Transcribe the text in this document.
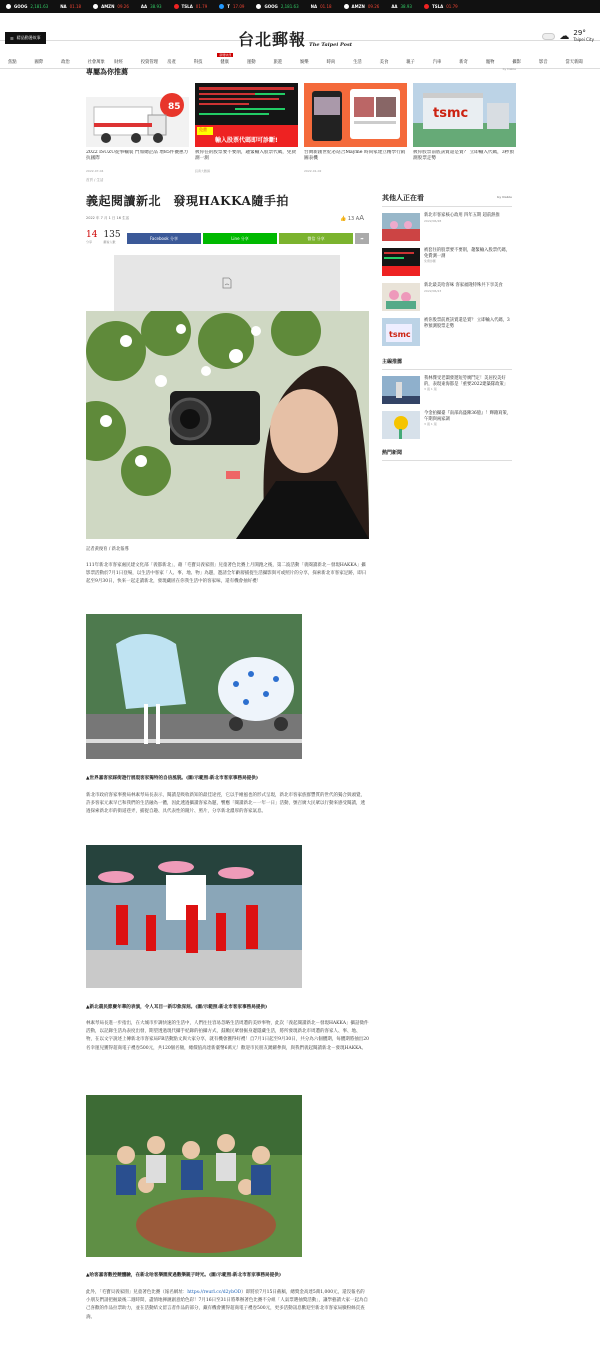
GOOG 2,181.63	NA 01.18	AMZN 09.26	AA 38.93	TSLA 01.79	T 17.09	GOOG 2,181.63	NA 01.18	AMZN 09.26	AA 38.93	TSLA 01.79
☰ 精品動漫故事	台北郵報 The Taipei Post
☁ 29°
Taipei City
焦點	國際	政治	社會萬象	財經	投資管理	房產	科技
新聞快訊
健康	運動	旅遊	娛樂	時尚	生活	美食	親子	汽車	新奇	寵物	攝影	影音	當天新聞
專屬為你推薦	by Dable
85
2022 ISUZU從事輸裝 門加總企品 增85件優惠力抗國際
2022-07-04
免費
輸入股票代碼即可診斷!
被你任的股票要不要削，趨緊輸入股票代碼，免費測一測
投資大數據
台灣新創世紀必站合Mayme 時尚家建立精學行銷圖表機
2022-01-02
tsmc
被你股票前底該賣還是賣？ 立即輸入代碼，3秒預測股票走勢
首頁 / 生活
義起閱讀新北　發現HAKKA隨手拍
2022 年 7 月 1 日 16 生活	👍 13 AA
14
分享
135
觀看人數
Facebook 分享	Line 分享	微信 分享	➦
記者黃俊育 / 新北報導
111年新北市客家處民建文化部「義都新北」，藉「毛寶貝義家園」兒童著色比賽上月開跑之後，第二波活動「義閱讀新北－發現HAKKA」攝影票活動於7月1日登場，以生活中客家「人、事、地、物」為題，邀請全年齡層捕捉生活攝影與可或照片的分享，探索新北市客家足跡，即日起至9月30日，快來一起走讀新北，發現藏匿在你我生活中的客家味，還有機會抽好禮！
▲世界嘉客家踩街遊行展現客家獨特的自信風貌。(圖/示範照:新北市客家事務局提供)
新北市政府客家事務局林素琴局長表示，閱讀是吸收新知的最佳途徑，它以手繪風也的形式呈現，新北市客家族群豐質的世代的獨合與頭覺，許多客家元素早已和我們的生活融為一體，因此透過攝讀客家為題，響應「閱讀新北－一年一日」活動，號召廣大民眾以行動來感受閱讀，透過探索新北市的街道巷弄，捕捉自趣、具代表性的鏡片、照片，分享新北濃厚的客家氣息。
▲新北義民節慶年華的表演，令人耳目一新印象深刻。(圖/示範照:新北市客家事務局提供)
林素琴局長進一步指出，在大城市步調快速的生活中，人們往往容易忽略生活周遭的美妙事物，此次「義起閱讀新北－發現HAKKA」攝話徵件活動，以記錄生活為表度出發，期望透過現代攝手紀錄的拍攝方式，鼓勵民眾發掘身邊隱藏生活，將所發現新北市周遭的客家人、事、地、物，在以文字說述上傳新北市客家局FB活動點文與大家分享，就有機會獲得好禮！自7月1日起至9月30日，共分為六個體期，每體期將抽出20名幸運兒獲得超商電子禮卷500元，共120個名額，總價值高達新臺幣6萬元！歡迎市民朋友踴躍參與，與我們義起閱讀新北－發現HAKKA。
▲哈客嘉客數控競體驗，在新北哈客樂園度過數樂親子時光。(圖/示範照:新北市客家事務局提供)
此外，「毛寶貝義家園」兒童著色比賽（報名網址：https://reurl.cc/d2ybOD）即將於7月15日截稿，總獎金高達5萬1,000元，還沒報名的小朋友們請把握最後二週時間，盡情地揮灑創意給色彩！7月16日至31日將舉辦著色比賽不分組「人氣票選抽獎活動」，讓學藝讀大家一起為自己喜歡的作品拉票助力，並在活動結文留言者作品的部分，藏有機會獲得超商電子禮卷500元，更多活動訊息歡迎至新北市客家局臉粉絲頁查詢。
其他人正在看	by Dable
新北市客家核心政用 四年五期 超前熱推
2022/06/28
被套住的股票要不要削，趨緊輸入股票代碼，免費測一測
免費診斷
新北最美哈客味 客家福隆特殊共下享美食
2022/06/23
tsmc
被你股票前底該賣還是賣？ 立即輸入代碼，3秒預測股票走勢
主編推薦
我林傑受老闆發邀短勞廣鬥定！美居投美好的，表現東海都是「重要2022建築隊政策」
3 週 1 週
今金拍攝臺『南部高盛陳36億』！輝籍寫策，午期與兩家調
3 週 1 週
熱門新聞
